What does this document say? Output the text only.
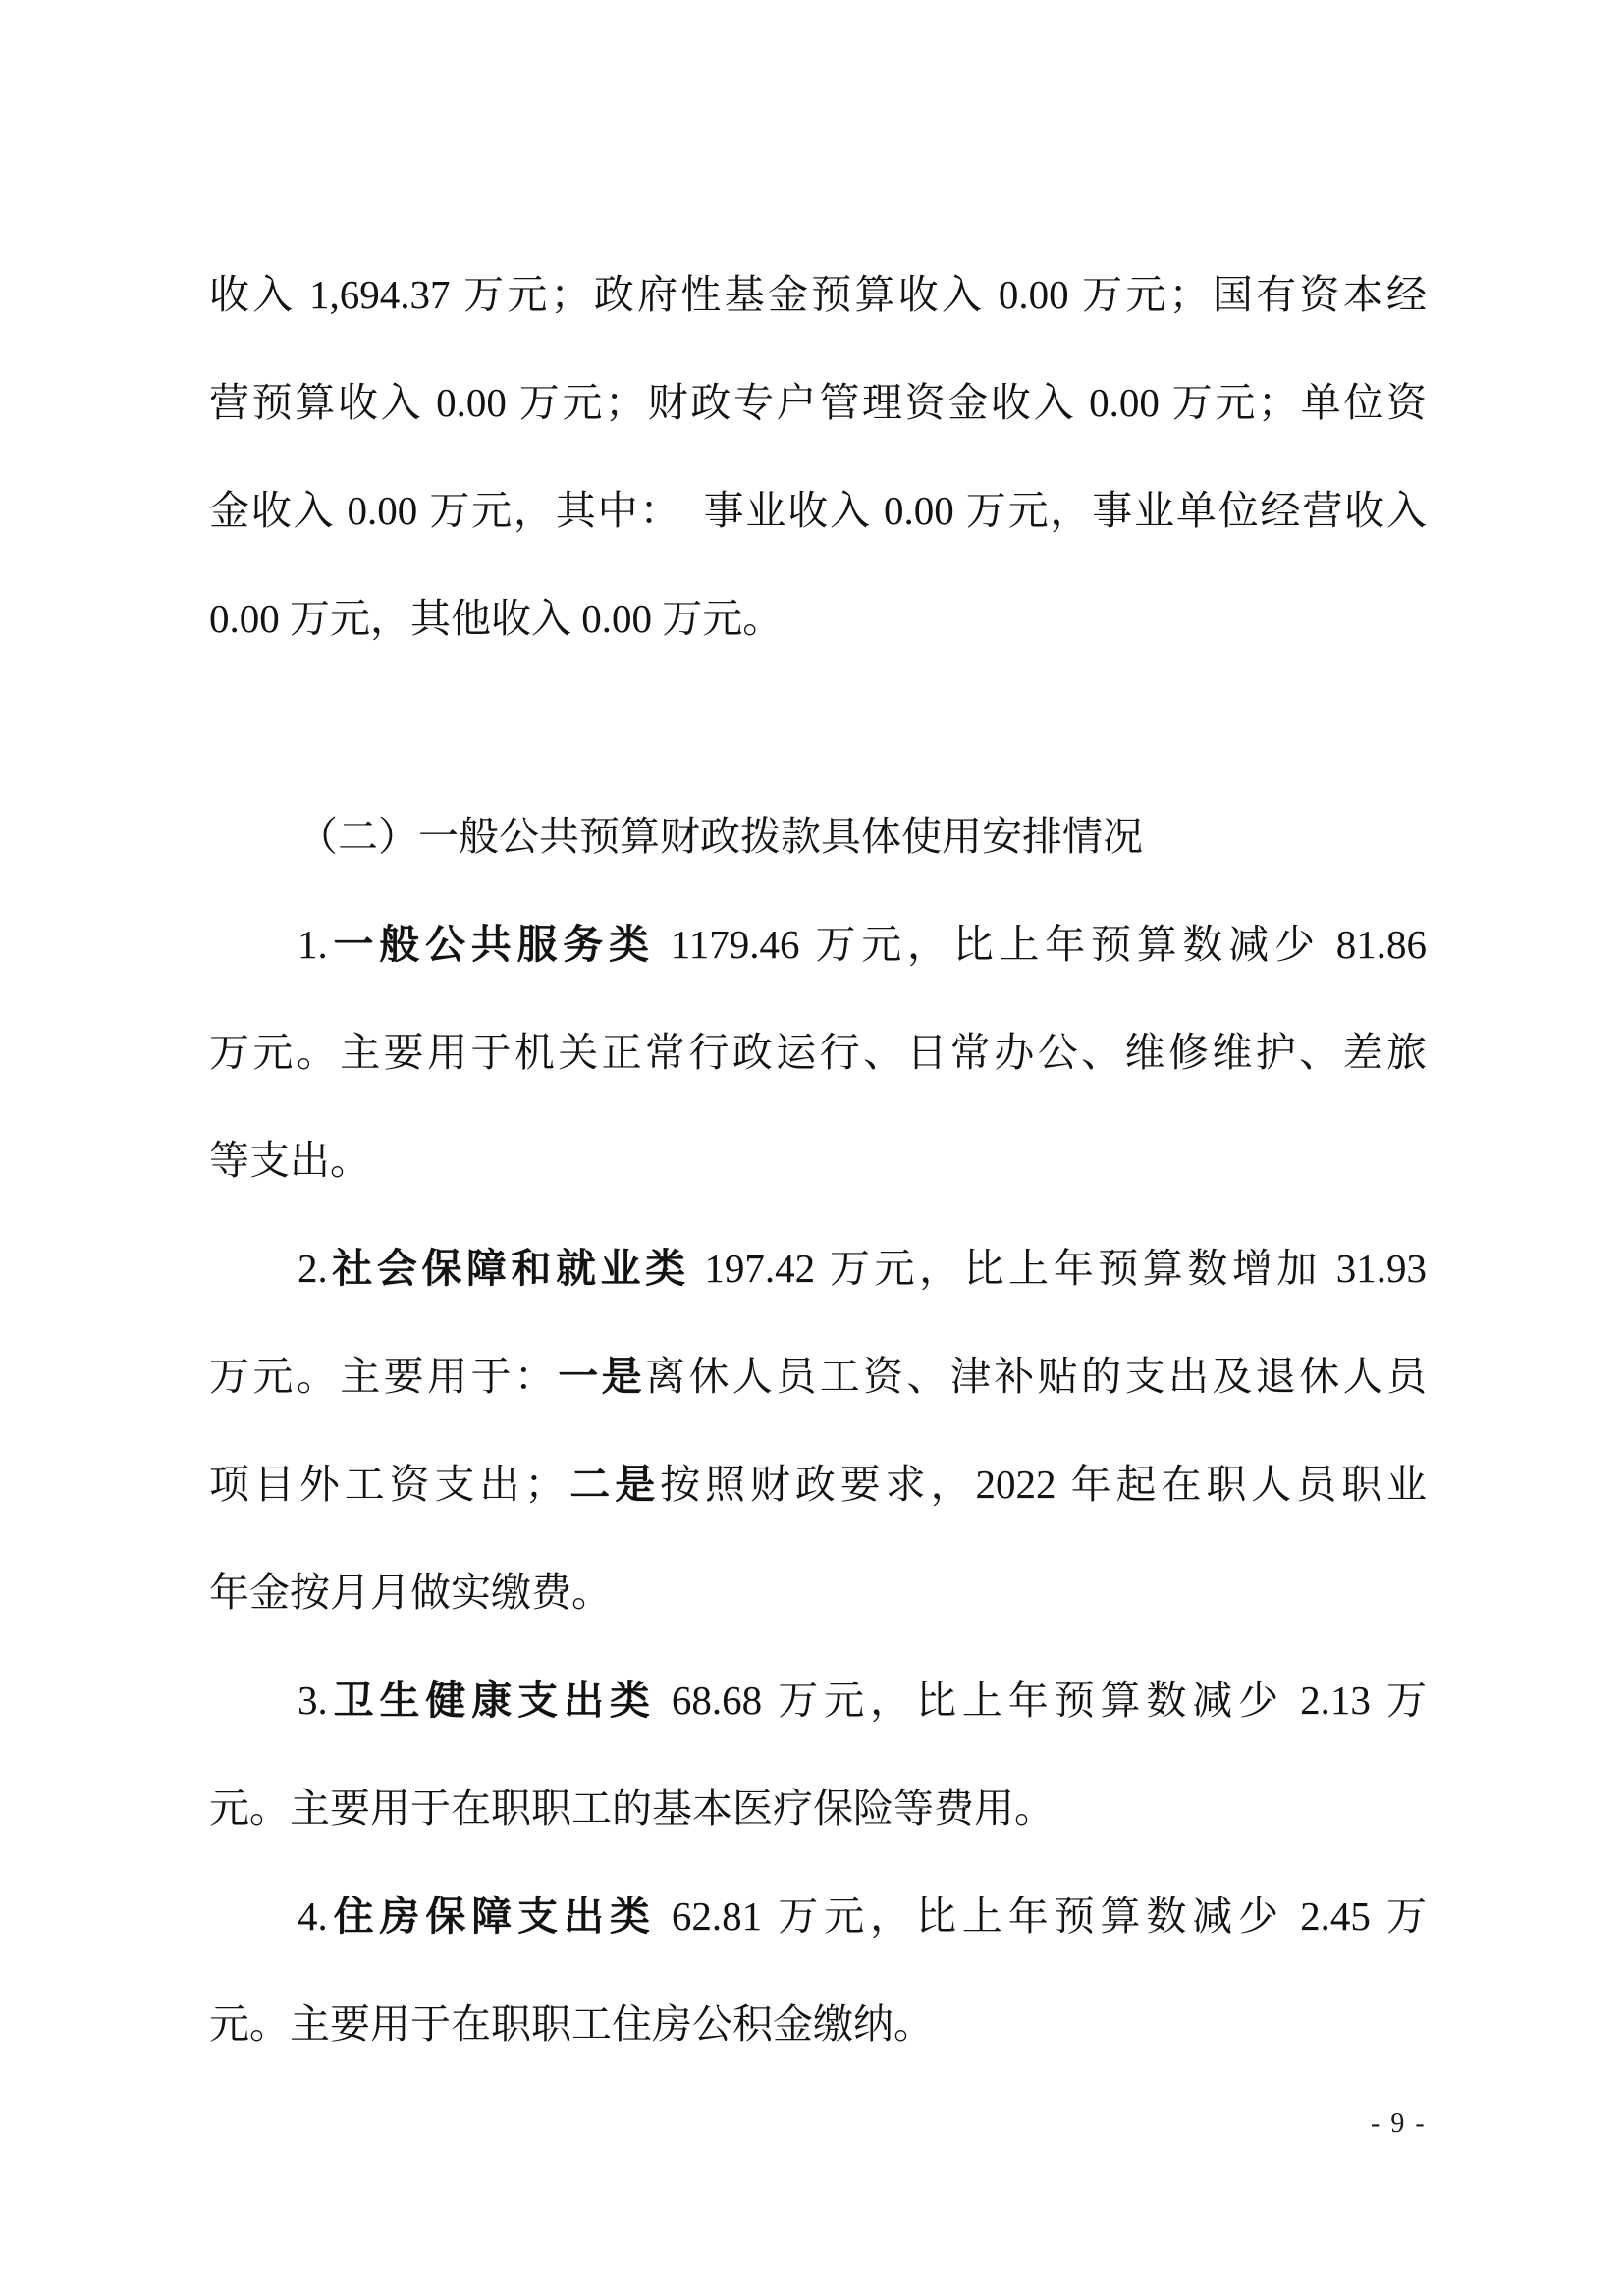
收入 1,694.37 万元；政府性基金预算收入 0.00 万元；国有资本经
营预算收入 0.00 万元；财政专户管理资金收入 0.00 万元；单位资
金收入 0.00 万元，其中：　事业收入 0.00 万元，事业单位经营收入
0.00 万元，其他收入 0.00 万元。
（二）一般公共预算财政拨款具体使用安排情况
1.一般公共服务类 1179.46 万元，比上年预算数减少 81.86
万元。主要用于机关正常行政运行、日常办公、维修维护、差旅
等支出。
2.社会保障和就业类 197.42 万元，比上年预算数增加 31.93
万元。主要用于：一是离休人员工资、津补贴的支出及退休人员
项目外工资支出；二是按照财政要求，2022 年起在职人员职业
年金按月月做实缴费。
3.卫生健康支出类 68.68 万元，比上年预算数减少 2.13 万
元。主要用于在职职工的基本医疗保险等费用。
4.住房保障支出类 62.81 万元，比上年预算数减少 2.45 万
元。主要用于在职职工住房公积金缴纳。
- 9 -
